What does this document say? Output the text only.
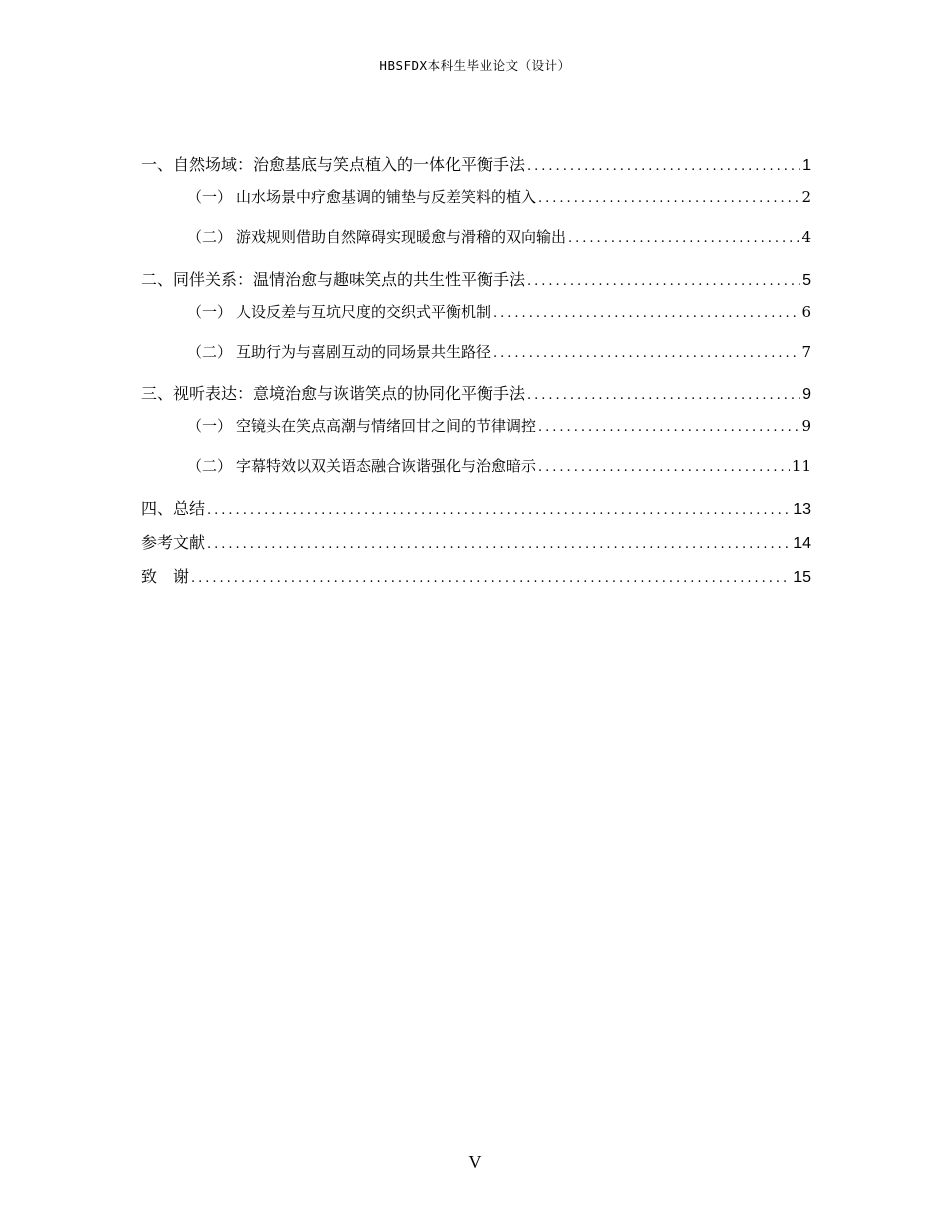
HBSFDX本科生毕业论文（设计）
一、 自然场域：治愈基底与笑点植入的一体化平衡手法 .....	1
（一） 山水场景中疗愈基调的铺垫与反差笑料的植入 .....	2
（二） 游戏规则借助自然障碍实现暖愈与滑稽的双向输出 .....	4
二、 同伴关系：温情治愈与趣味笑点的共生性平衡手法 .....	5
（一） 人设反差与互坑尺度的交织式平衡机制 .....	6
（二） 互助行为与喜剧互动的同场景共生路径 .....	7
三、 视听表达：意境治愈与诙谐笑点的协同化平衡手法 .....	9
（一） 空镜头在笑点高潮与情绪回甘之间的节律调控 .....	9
（二） 字幕特效以双关语态融合诙谐强化与治愈暗示 .....	11
四、 总结 .....	13
参考文献 .....	14
致　谢 .....	15
V
